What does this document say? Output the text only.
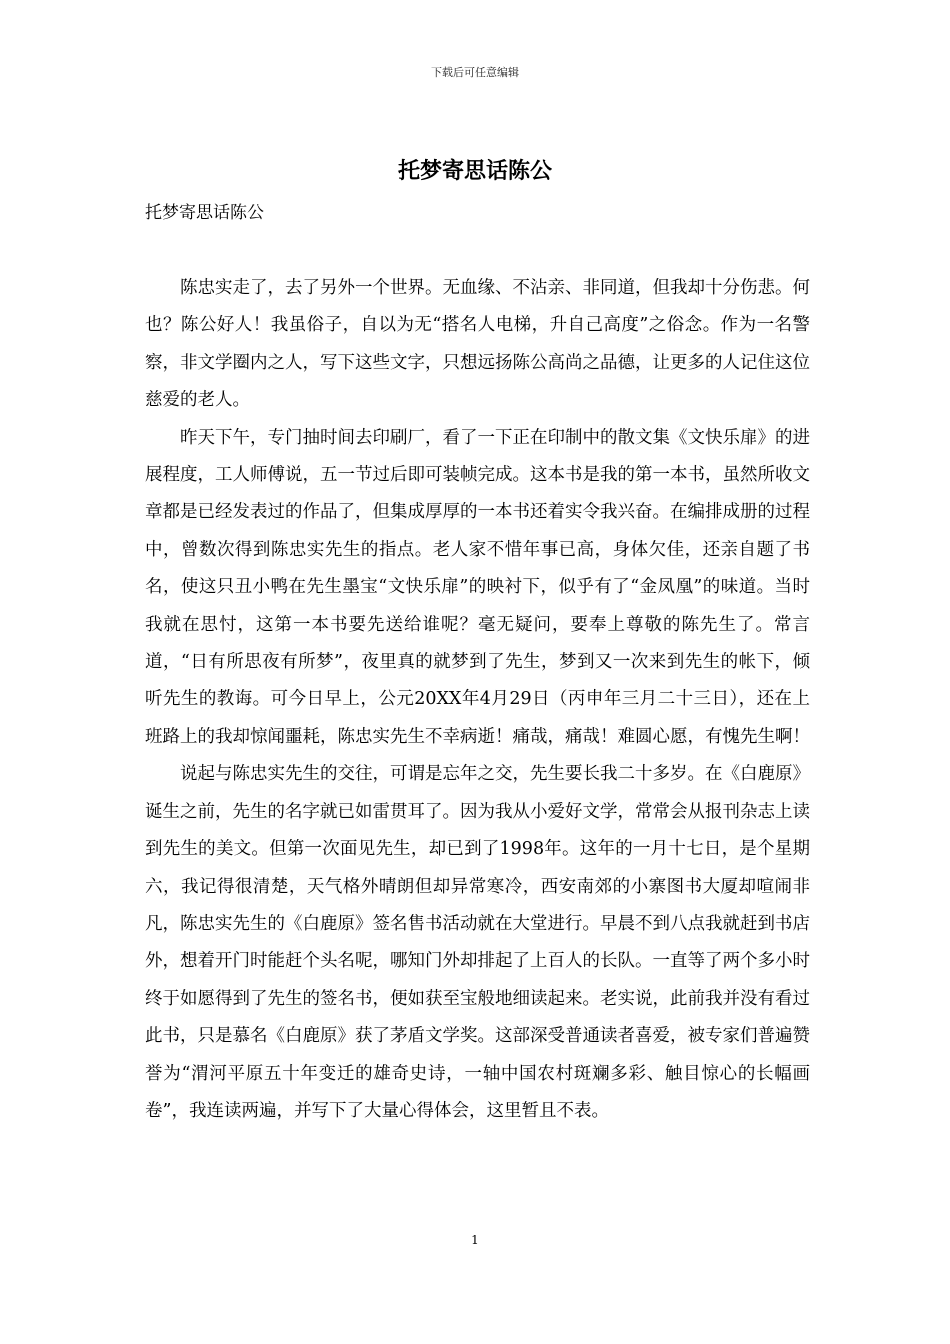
下载后可任意编辑
托梦寄思话陈公
托梦寄思话陈公

陈忠实走了，去了另外一个世界。无血缘、不沾亲、非同道，但我却十分伤悲。何也？陈公好人！我虽俗子，自以为无“搭名人电梯，升自己高度”之俗念。作为一名警察，非文学圈内之人，写下这些文字，只想远扬陈公高尚之品德，让更多的人记住这位慈爱的老人。

昨天下午，专门抽时间去印刷厂，看了一下正在印制中的散文集《文快乐扉》的进展程度，工人师傅说，五一节过后即可装帧完成。这本书是我的第一本书，虽然所收文章都是已经发表过的作品了，但集成厚厚的一本书还着实令我兴奋。在编排成册的过程中，曾数次得到陈忠实先生的指点。老人家不惜年事已高，身体欠佳，还亲自题了书名，使这只丑小鸭在先生墨宝“文快乐扉”的映衬下，似乎有了“金凤凰”的味道。当时我就在思忖，这第一本书要先送给谁呢？毫无疑问，要奉上尊敬的陈先生了。常言道，“日有所思夜有所梦”，夜里真的就梦到了先生，梦到又一次来到先生的帐下，倾听先生的教诲。可今日早上，公元20XX年4月29日（丙申年三月二十三日），还在上班路上的我却惊闻噩耗，陈忠实先生不幸病逝！痛哉，痛哉！难圆心愿，有愧先生啊！

说起与陈忠实先生的交往，可谓是忘年之交，先生要长我二十多岁。在《白鹿原》诞生之前，先生的名字就已如雷贯耳了。因为我从小爱好文学，常常会从报刊杂志上读到先生的美文。但第一次面见先生，却已到了1998年。这年的一月十七日，是个星期六，我记得很清楚，天气格外晴朗但却异常寒冷，西安南郊的小寨图书大厦却喧闹非凡，陈忠实先生的《白鹿原》签名售书活动就在大堂进行。早晨不到八点我就赶到书店外，想着开门时能赶个头名呢，哪知门外却排起了上百人的长队。一直等了两个多小时终于如愿得到了先生的签名书，便如获至宝般地细读起来。老实说，此前我并没有看过此书，只是慕名《白鹿原》获了茅盾文学奖。这部深受普通读者喜爱，被专家们普遍赞誉为“渭河平原五十年变迁的雄奇史诗，一轴中国农村斑斓多彩、触目惊心的长幅画卷”，我连读两遍，并写下了大量心得体会，这里暂且不表。

1
